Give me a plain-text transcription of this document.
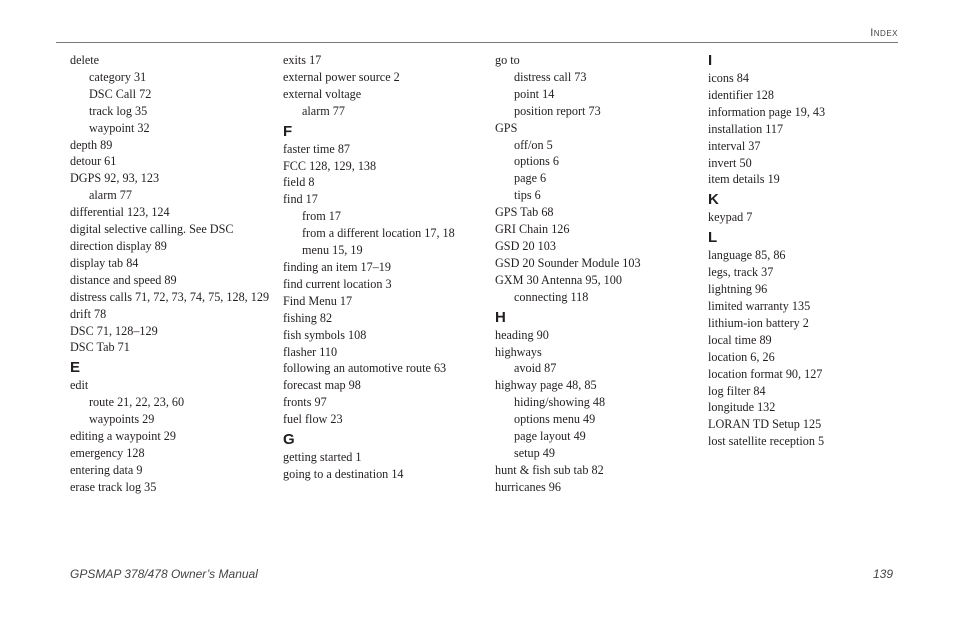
Index
delete
category 31
DSC Call 72
track log 35
waypoint 32
depth 89
detour 61
DGPS 92, 93, 123
alarm 77
differential 123, 124
digital selective calling. See DSC
direction display 89
display tab 84
distance and speed 89
distress calls 71, 72, 73, 74, 75, 128, 129
drift 78
DSC 71, 128–129
DSC Tab 71
E
edit
route 21, 22, 23, 60
waypoints 29
editing a waypoint 29
emergency 128
entering data 9
erase track log 35
exits 17
external power source 2
external voltage
alarm 77
F
faster time 87
FCC 128, 129, 138
field 8
find 17
from 17
from a different location 17, 18
menu 15, 19
finding an item 17–19
find current location 3
Find Menu 17
fishing 82
fish symbols 108
flasher 110
following an automotive route 63
forecast map 98
fronts 97
fuel flow 23
G
getting started 1
going to a destination 14
go to
distress call 73
point 14
position report 73
GPS
off/on 5
options 6
page 6
tips 6
GPS Tab 68
GRI Chain 126
GSD 20 103
GSD 20 Sounder Module 103
GXM 30 Antenna 95, 100
connecting 118
H
heading 90
highways
avoid 87
highway page 48, 85
hiding/showing 48
options menu 49
page layout 49
setup 49
hunt & fish sub tab 82
hurricanes 96
I
icons 84
identifier 128
information page 19, 43
installation 117
interval 37
invert 50
item details 19
K
keypad 7
L
language 85, 86
legs, track 37
lightning 96
limited warranty 135
lithium-ion battery 2
local time 89
location 6, 26
location format 90, 127
log filter 84
longitude 132
LORAN TD Setup 125
lost satellite reception 5
GPSMAP 378/478 Owner’s Manual	139
